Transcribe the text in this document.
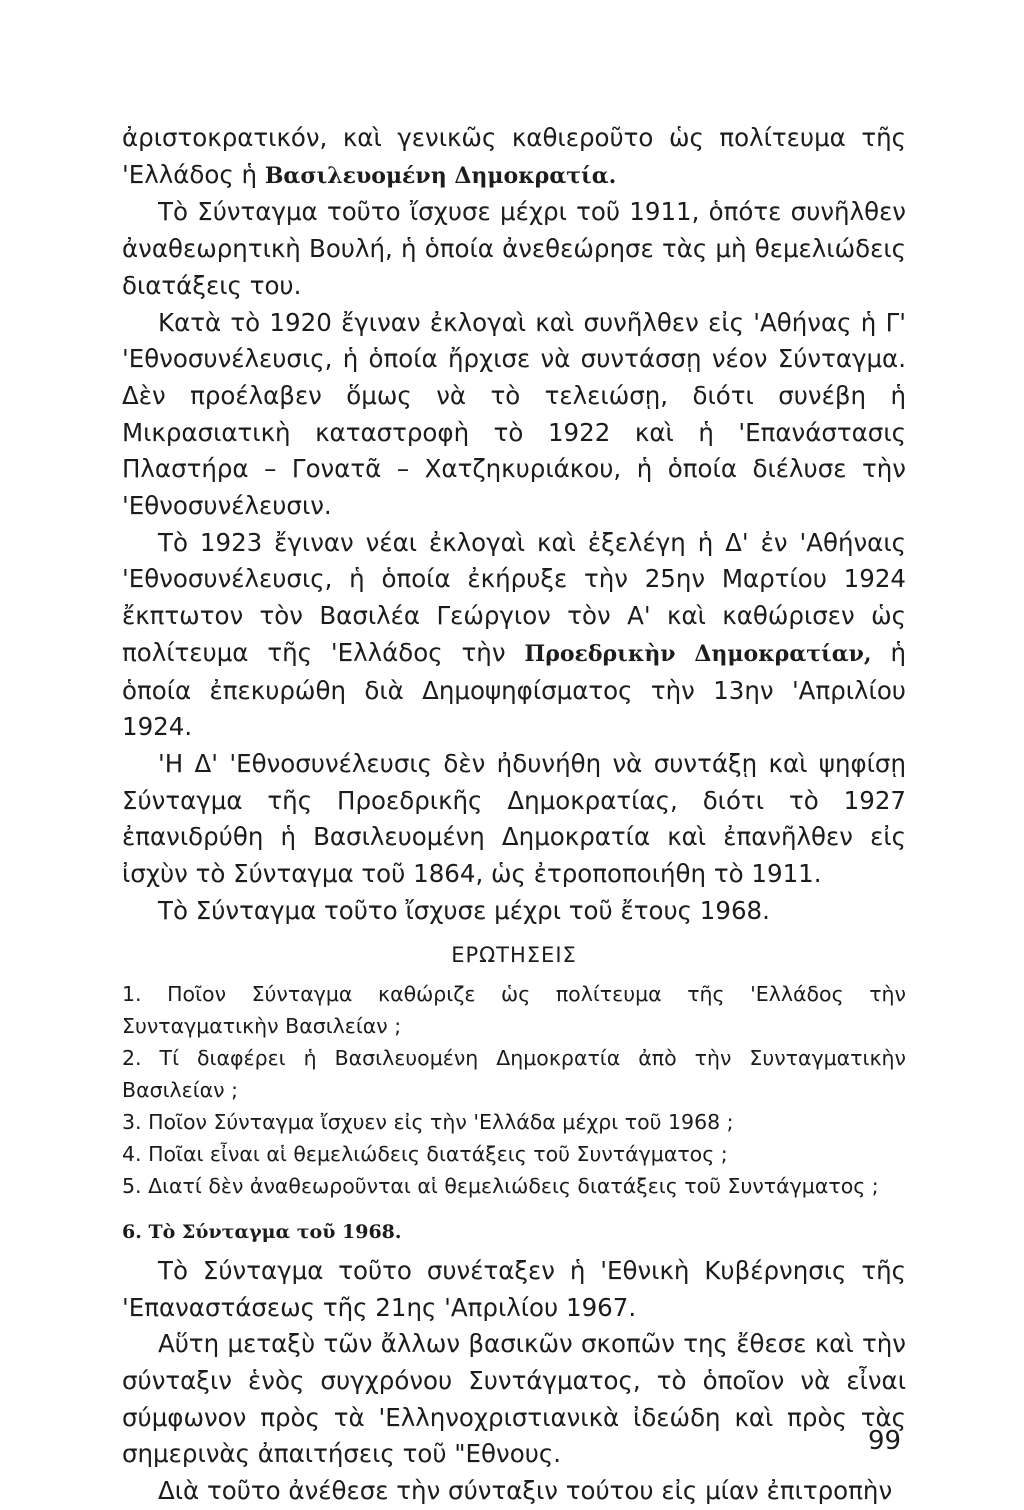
ἀριστοκρατικόν, καὶ γενικῶς καθιεροῦτο ὡς πολίτευμα τῆς 'Ελλάδος ἡ Βασιλευομένη Δημοκρατία.

Τὸ Σύνταγμα τοῦτο ἴσχυσε μέχρι τοῦ 1911, ὁπότε συνῆλθεν ἀναθεωρητικὴ Βουλή, ἡ ὁποία ἀνεθεώρησε τὰς μὴ θεμελιώδεις διατάξεις του.

Κατὰ τὸ 1920 ἔγιναν ἐκλογαὶ καὶ συνῆλθεν εἰς 'Αθήνας ἡ Γ' 'Εθνοσυνέλευσις, ἡ ὁποία ἤρχισε νὰ συντάσσῃ νέον Σύνταγμα. Δὲν προέλαβεν ὅμως νὰ τὸ τελειώσῃ, διότι συνέβη ἡ Μικρασιατικὴ καταστροφὴ τὸ 1922 καὶ ἡ 'Επανάστασις Πλαστήρα – Γονατᾶ – Χατζηκυριάκου, ἡ ὁποία διέλυσε τὴν 'Εθνοσυνέλευσιν.

Τὸ 1923 ἔγιναν νέαι ἐκλογαὶ καὶ ἐξελέγη ἡ Δ' ἐν 'Αθήναις 'Εθνοσυνέλευσις, ἡ ὁποία ἐκήρυξε τὴν 25ην Μαρτίου 1924 ἔκπτωτον τὸν Βασιλέα Γεώργιον τὸν Α' καὶ καθώρισεν ὡς πολίτευμα τῆς 'Ελλάδος τὴν Προεδρικὴν Δημοκρατίαν, ἡ ὁποία ἐπεκυρώθη διὰ Δημοψηφίσματος τὴν 13ην 'Απριλίου 1924.

'Η Δ' 'Εθνοσυνέλευσις δὲν ἠδυνήθη νὰ συντάξῃ καὶ ψηφίσῃ Σύνταγμα τῆς Προεδρικῆς Δημοκρατίας, διότι τὸ 1927 ἐπανιδρύθη ἡ Βασιλευομένη Δημοκρατία καὶ ἐπανῆλθεν εἰς ἰσχὺν τὸ Σύνταγμα τοῦ 1864, ὡς ἐτροποποιήθη τὸ 1911.

Τὸ Σύνταγμα τοῦτο ἴσχυσε μέχρι τοῦ ἔτους 1968.

ΕΡΩΤΗΣΕΙΣ

1. Ποῖον Σύνταγμα καθώριζε ὡς πολίτευμα τῆς 'Ελλάδος τὴν Συνταγματικὴν Βασιλείαν ;

2. Τί διαφέρει ἡ Βασιλευομένη Δημοκρατία ἀπὸ τὴν Συνταγματικὴν Βασιλείαν ;

3. Ποῖον Σύνταγμα ἴσχυεν εἰς τὴν 'Ελλάδα μέχρι τοῦ 1968 ;

4. Ποῖαι εἶναι αἱ θεμελιώδεις διατάξεις τοῦ Συντάγματος ;

5. Διατί δὲν ἀναθεωροῦνται αἱ θεμελιώδεις διατάξεις τοῦ Συντάγματος ;

6. Τὸ Σύνταγμα τοῦ 1968.

Τὸ Σύνταγμα τοῦτο συνέταξεν ἡ 'Εθνικὴ Κυβέρνησις τῆς 'Επαναστάσεως τῆς 21ης 'Απριλίου 1967.

Αὕτη μεταξὺ τῶν ἄλλων βασικῶν σκοπῶν της ἔθεσε καὶ τὴν σύνταξιν ἑνὸς συγχρόνου Συντάγματος, τὸ ὁποῖον νὰ εἶναι σύμφωνον πρὸς τὰ 'Ελληνοχριστιανικὰ ἰδεώδη καὶ πρὸς τὰς σημερινὰς ἀπαιτήσεις τοῦ "Εθνους.

Διὰ τοῦτο ἀνέθεσε τὴν σύνταξιν τούτου εἰς μίαν ἐπιτροπὴν

99
